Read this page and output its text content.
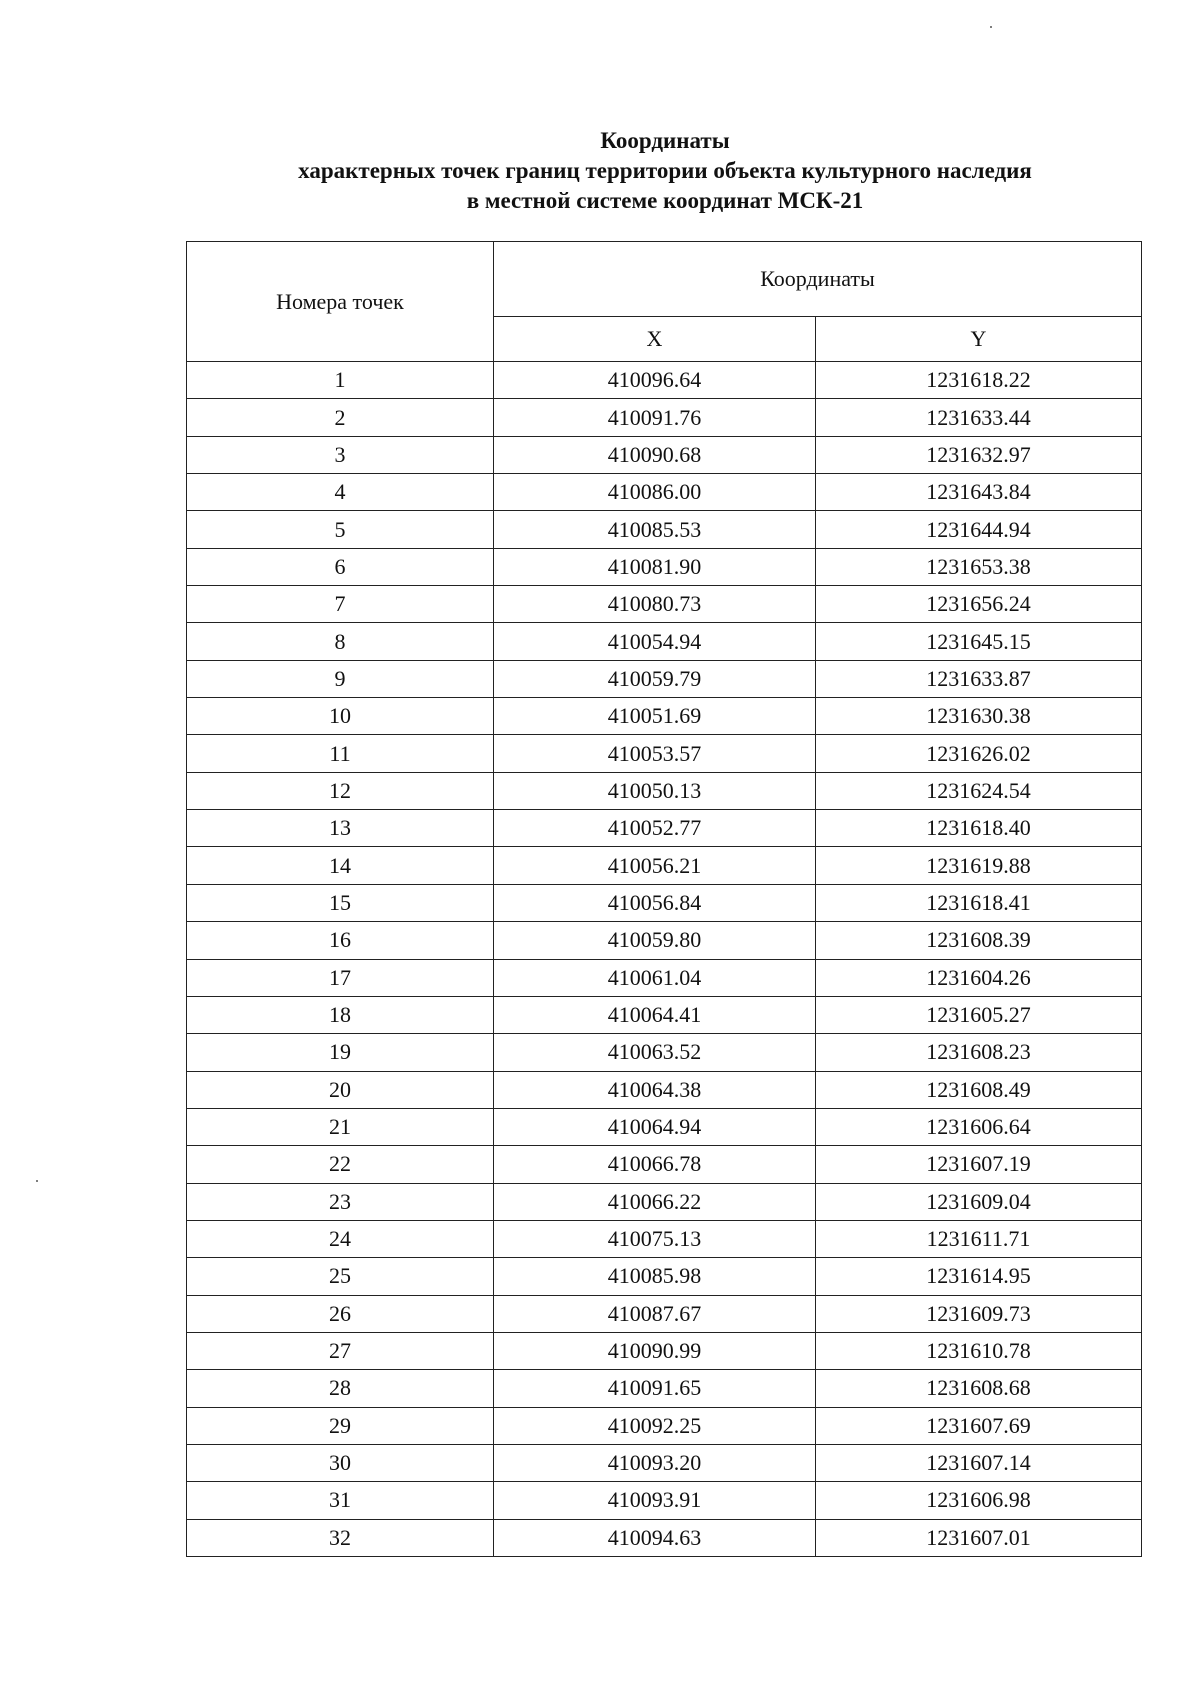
Координаты
характерных точек границ территории объекта культурного наследия
в местной системе координат МСК-21
Номера точек	Координаты	
	X	Y
1	410096.64	1231618.22
2	410091.76	1231633.44
3	410090.68	1231632.97
4	410086.00	1231643.84
5	410085.53	1231644.94
6	410081.90	1231653.38
7	410080.73	1231656.24
8	410054.94	1231645.15
9	410059.79	1231633.87
10	410051.69	1231630.38
11	410053.57	1231626.02
12	410050.13	1231624.54
13	410052.77	1231618.40
14	410056.21	1231619.88
15	410056.84	1231618.41
16	410059.80	1231608.39
17	410061.04	1231604.26
18	410064.41	1231605.27
19	410063.52	1231608.23
20	410064.38	1231608.49
21	410064.94	1231606.64
22	410066.78	1231607.19
23	410066.22	1231609.04
24	410075.13	1231611.71
25	410085.98	1231614.95
26	410087.67	1231609.73
27	410090.99	1231610.78
28	410091.65	1231608.68
29	410092.25	1231607.69
30	410093.20	1231607.14
31	410093.91	1231606.98
32	410094.63	1231607.01
